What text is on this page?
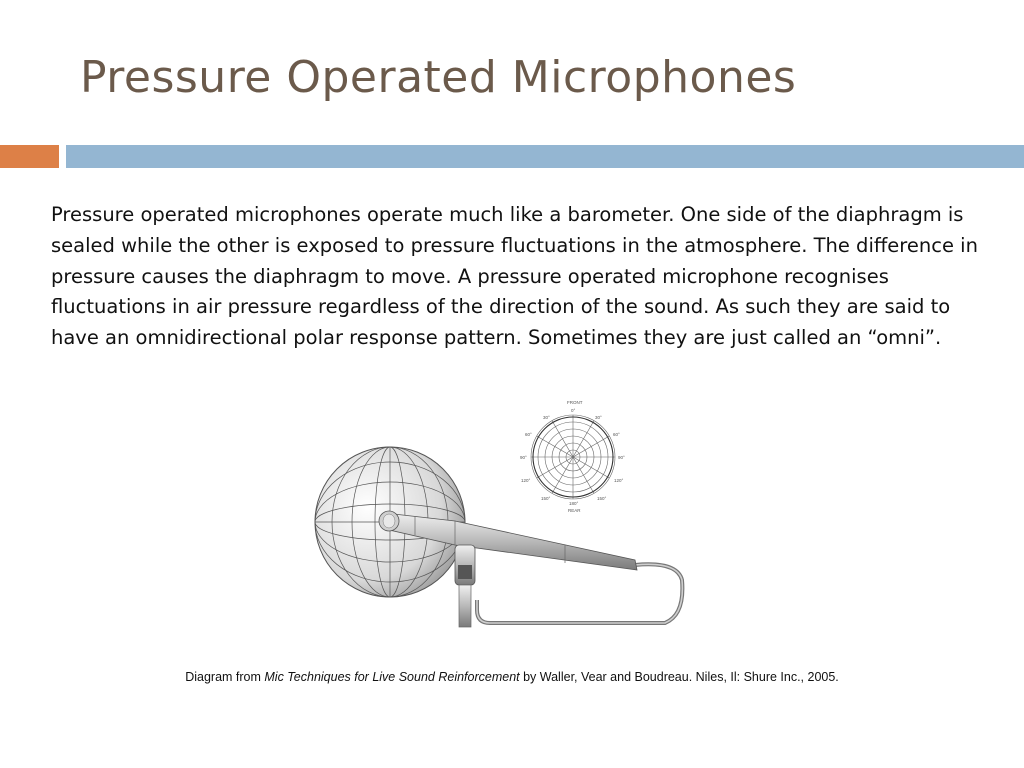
Pressure Operated Microphones
Pressure operated microphones operate much like a barometer. One side of the diaphragm is sealed while the other is exposed to pressure fluctuations in the atmosphere. The difference in pressure causes the diaphragm to move. A pressure operated microphone recognises fluctuations in air pressure regardless of the direction of the sound. As such they are said to have an omnidirectional polar response pattern. Sometimes they are just called an “omni”.
FRONT
0°
30°	30°
60°	60°
90°	90°
120°	120°
150°	150°
180°
REAR
Diagram from Mic Techniques for Live Sound Reinforcement by Waller, Vear and Boudreau. Niles, Il: Shure Inc., 2005.
